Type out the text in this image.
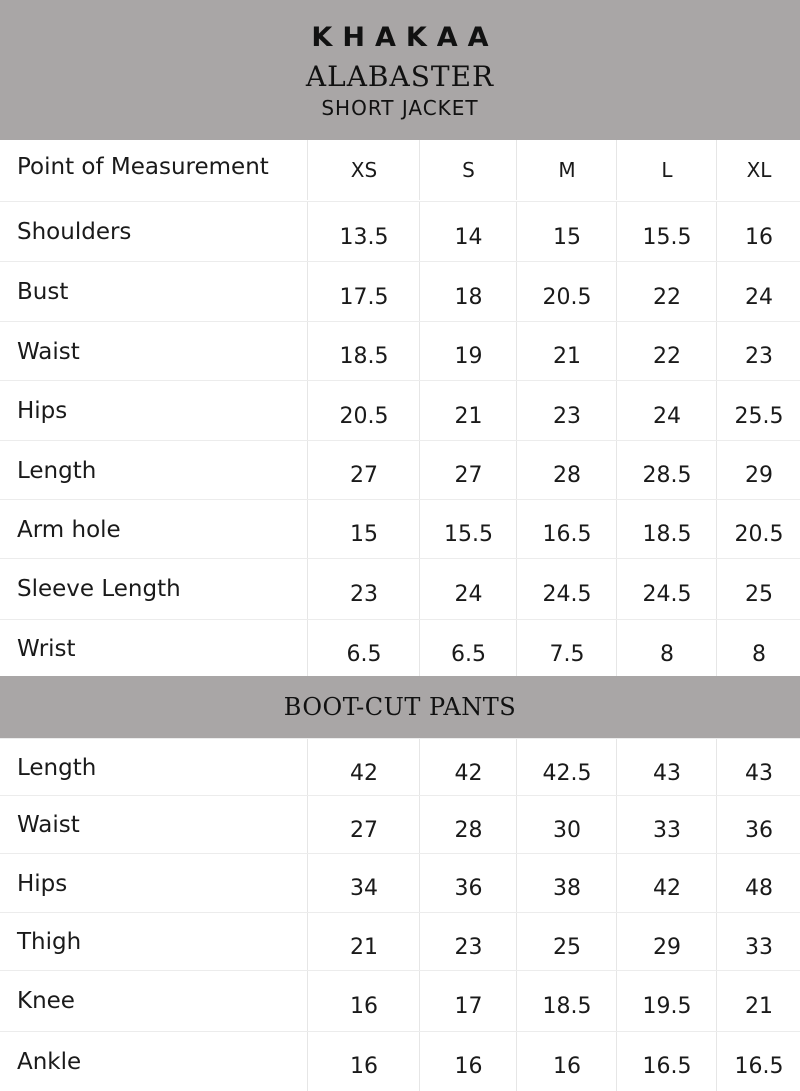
KHAKAA
ALABASTER
SHORT JACKET
Point of Measurement	XS	S	M	L	XL
Shoulders	13.5	14	15	15.5	16
Bust	17.5	18	20.5	22	24
Waist	18.5	19	21	22	23
Hips	20.5	21	23	24	25.5
Length	27	27	28	28.5	29
Arm hole	15	15.5	16.5	18.5	20.5
Sleeve Length	23	24	24.5	24.5	25
Wrist	6.5	6.5	7.5	8	8
BOOT-CUT PANTS
Length	42	42	42.5	43	43
Waist	27	28	30	33	36
Hips	34	36	38	42	48
Thigh	21	23	25	29	33
Knee	16	17	18.5	19.5	21
Ankle	16	16	16	16.5	16.5
